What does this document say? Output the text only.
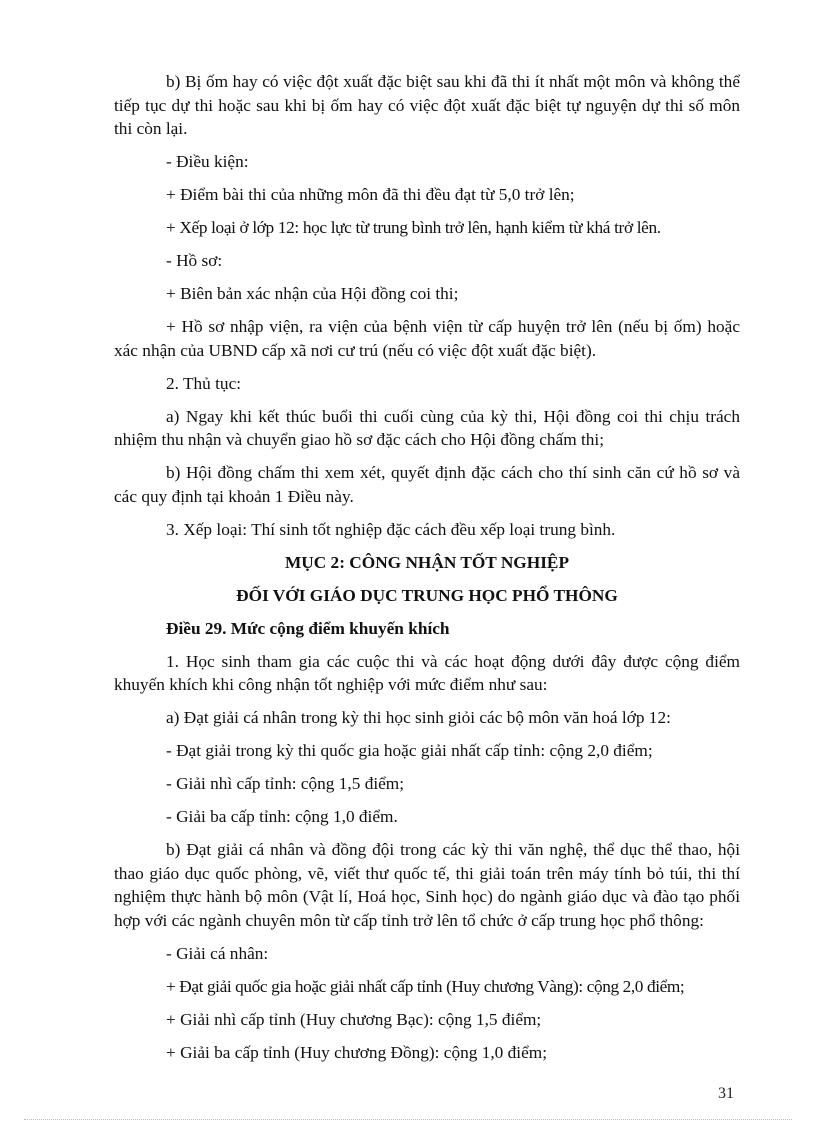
b) Bị ốm hay có việc đột xuất đặc biệt sau khi đã thi ít nhất một môn và không thể tiếp tục dự thi hoặc sau khi bị ốm hay có việc đột xuất đặc biệt tự nguyện dự thi số môn thi còn lại.

- Điều kiện:

+ Điểm bài thi của những môn đã thi đều đạt từ 5,0 trở lên;

+ Xếp loại ở lớp 12: học lực từ trung bình trở lên, hạnh kiểm từ khá trở lên.

- Hồ sơ:

+ Biên bản xác nhận của Hội đồng coi thi;

+ Hồ sơ nhập viện, ra viện của bệnh viện từ cấp huyện trở lên (nếu bị ốm) hoặc xác nhận của UBND cấp xã nơi cư trú (nếu có việc đột xuất đặc biệt).

2. Thủ tục:

a) Ngay khi kết thúc buổi thi cuối cùng của kỳ thi, Hội đồng coi thi chịu trách nhiệm thu nhận và chuyển giao hồ sơ đặc cách cho Hội đồng chấm thi;

b) Hội đồng chấm thi xem xét, quyết định đặc cách cho thí sinh căn cứ hồ sơ và các quy định tại khoản 1 Điều này.

3. Xếp loại: Thí sinh tốt nghiệp đặc cách đều xếp loại trung bình.

MỤC 2: CÔNG NHẬN TỐT NGHIỆP

ĐỐI VỚI GIÁO DỤC TRUNG HỌC PHỔ THÔNG

Điều 29. Mức cộng điểm khuyến khích

1. Học sinh tham gia các cuộc thi và các hoạt động dưới đây được cộng điểm khuyến khích khi công nhận tốt nghiệp với mức điểm như sau:

a) Đạt giải cá nhân trong kỳ thi học sinh giỏi các bộ môn văn hoá lớp 12:

- Đạt giải trong kỳ thi quốc gia hoặc giải nhất cấp tỉnh: cộng 2,0 điểm;

- Giải nhì cấp tỉnh: cộng 1,5 điểm;

- Giải ba cấp tỉnh: cộng 1,0 điểm.

b) Đạt giải cá nhân và đồng đội trong các kỳ thi văn nghệ, thể dục thể thao, hội thao giáo dục quốc phòng, vẽ, viết thư quốc tế, thi giải toán trên máy tính bỏ túi, thi thí nghiệm thực hành bộ môn (Vật lí, Hoá học, Sinh học) do ngành giáo dục và đào tạo phối hợp với các ngành chuyên môn từ cấp tỉnh trở lên tổ chức ở cấp trung học phổ thông:

- Giải cá nhân:

+ Đạt giải quốc gia hoặc giải nhất cấp tỉnh (Huy chương Vàng): cộng 2,0 điểm;

+ Giải nhì cấp tỉnh (Huy chương Bạc): cộng 1,5 điểm;

+ Giải ba cấp tỉnh (Huy chương Đồng): cộng 1,0 điểm;

31
